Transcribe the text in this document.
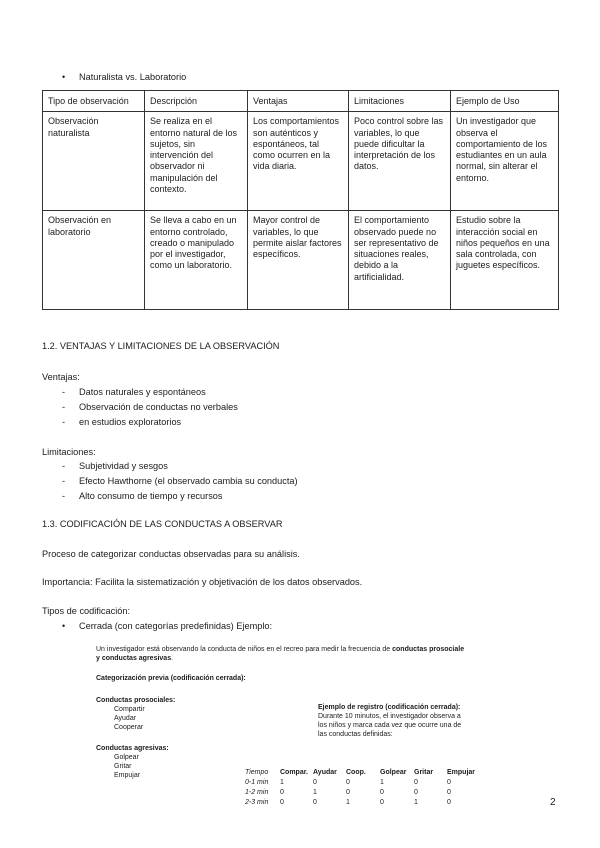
• Naturalista vs. Laboratorio
Tipo de observación	Descripción	Ventajas	Limitaciones	Ejemplo de Uso
Observación naturalista	Se realiza en el entorno natural de los sujetos, sin intervención del observador ni manipulación del contexto.	Los comportamientos son auténticos y espontáneos, tal como ocurren en la vida diaria.	Poco control sobre las variables, lo que puede dificultar la interpretación de los datos.	Un investigador que observa el comportamiento de los estudiantes en un aula normal, sin alterar el entorno.
Observación en laboratorio	Se lleva a cabo en un entorno controlado, creado o manipulado por el investigador, como un laboratorio.	Mayor control de variables, lo que permite aislar factores específicos.	El comportamiento observado puede no ser representativo de situaciones reales, debido a la artificialidad.	Estudio sobre la interacción social en niños pequeños en una sala controlada, con juguetes específicos.
1.2. VENTAJAS Y LIMITACIONES DE LA OBSERVACIÓN
Ventajas:
- Datos naturales y espontáneos
- Observación de conductas no verbales
- en estudios exploratorios
Limitaciones:
- Subjetividad y sesgos
- Efecto Hawthorne (el observado cambia su conducta)
- Alto consumo de tiempo y recursos
1.3. CODIFICACIÓN DE LAS CONDUCTAS A OBSERVAR
Proceso de categorizar conductas observadas para su análisis.
Importancia: Facilita la sistematización y objetivación de los datos observados.
Tipos de codificación:
• Cerrada (con categorías predefinidas) Ejemplo:
Un investigador está observando la conducta de niños en el recreo para medir la frecuencia de conductas prosociale
y conductas agresivas.
Categorización previa (codificación cerrada):
Conductas prosociales:
Compartir
Ayudar
Cooperar
Conductas agresivas:
Golpear
Gritar
Empujar
Ejemplo de registro (codificación cerrada):
Durante 10 minutos, el investigador observa a
los niños y marca cada vez que ocurre una de
las conductas definidas:
Tiempo Compar. Ayudar Coop. Golpear Gritar Empujar
0-1 min 1	0	0	1	0	0
1-2 min 0	1	0	0	0	0
2-3 min 0	0	1	0	1	0	2
